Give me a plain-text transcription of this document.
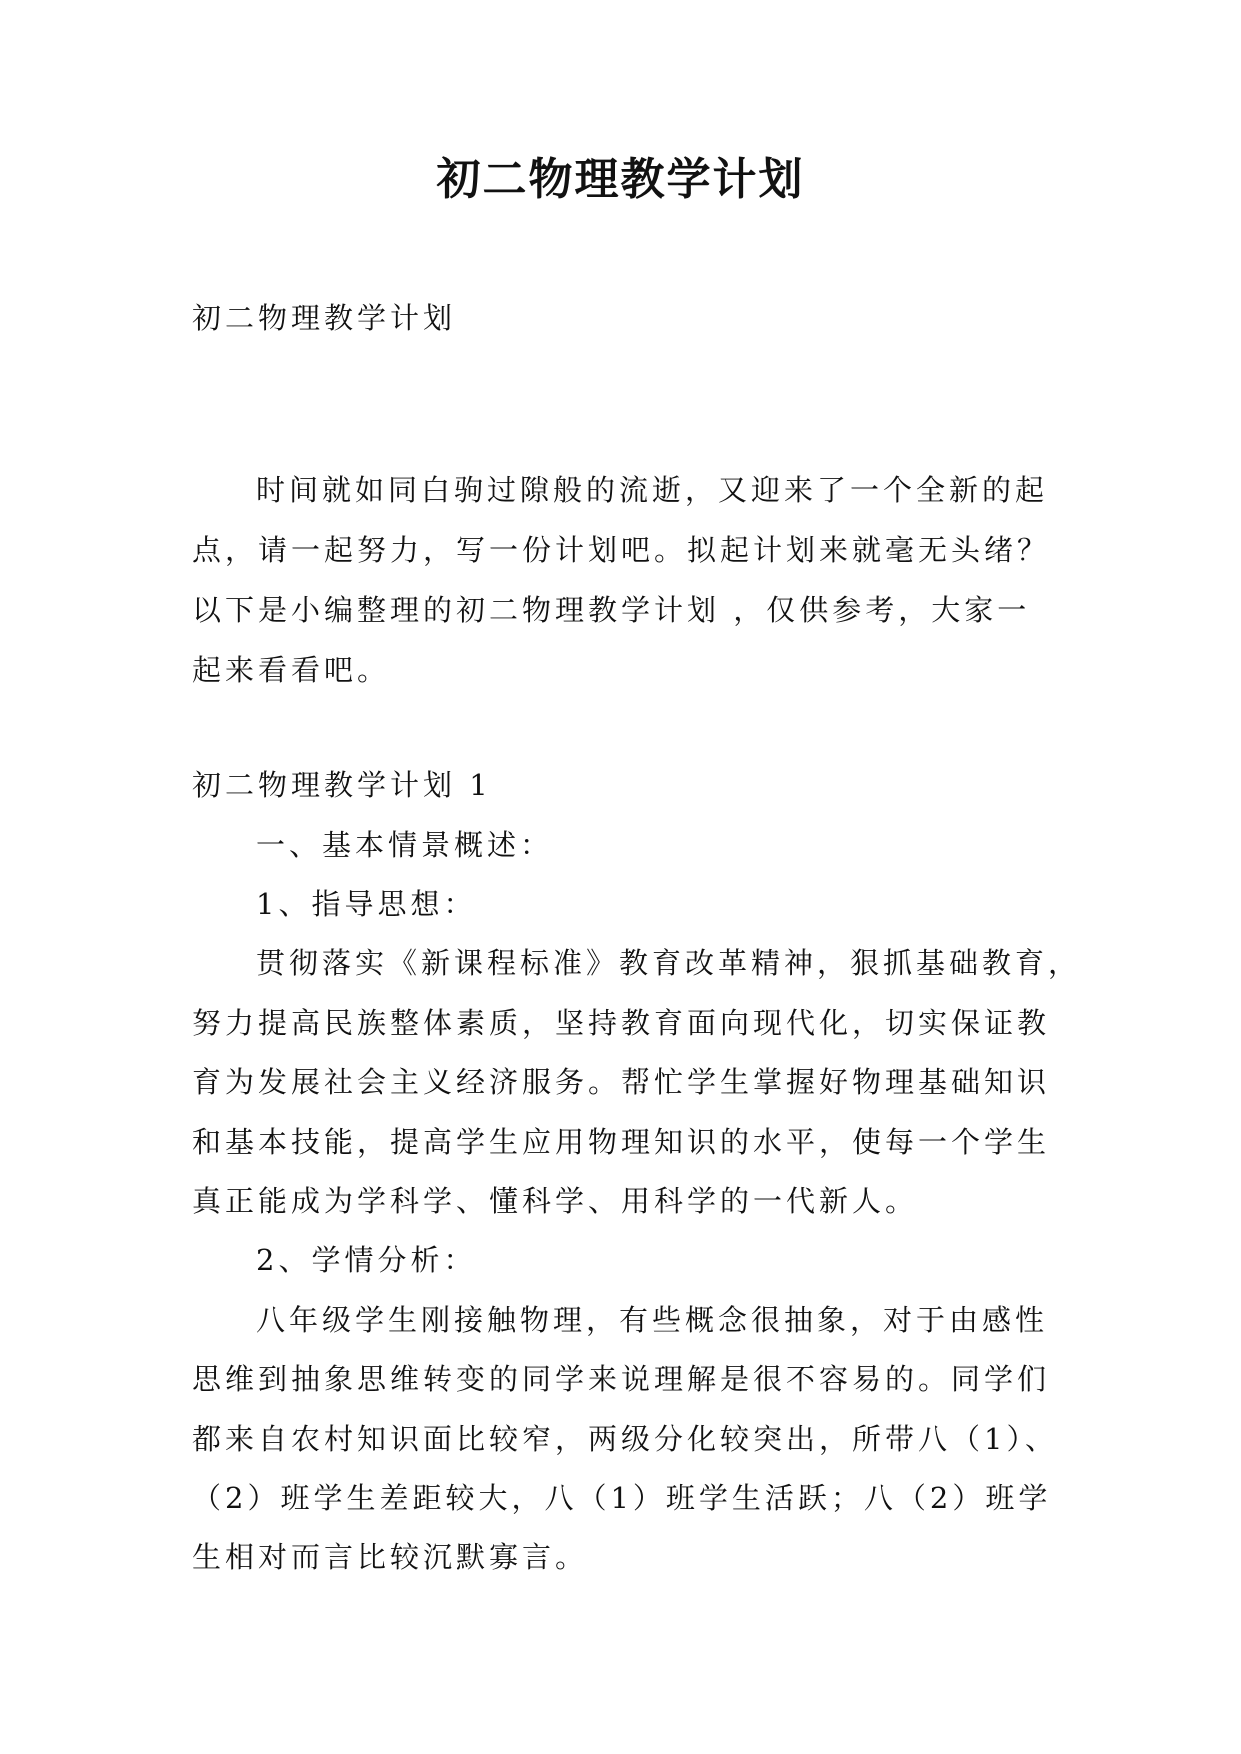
初二物理教学计划
初二物理教学计划
时间就如同白驹过隙般的流逝，又迎来了一个全新的起
点，请一起努力，写一份计划吧。拟起计划来就毫无头绪？
以下是小编整理的初二物理教学计划 ，仅供参考，大家一
起来看看吧。
初二物理教学计划 1
一、基本情景概述：
1、指导思想：
贯彻落实《新课程标准》教育改革精神，狠抓基础教育，
努力提高民族整体素质，坚持教育面向现代化，切实保证教
育为发展社会主义经济服务。帮忙学生掌握好物理基础知识
和基本技能，提高学生应用物理知识的水平，使每一个学生
真正能成为学科学、懂科学、用科学的一代新人。
2、学情分析：
八年级学生刚接触物理，有些概念很抽象，对于由感性
思维到抽象思维转变的同学来说理解是很不容易的。同学们
都来自农村知识面比较窄，两级分化较突出，所带八（1）、
（2）班学生差距较大，八（1）班学生活跃；八（2）班学
生相对而言比较沉默寡言。
